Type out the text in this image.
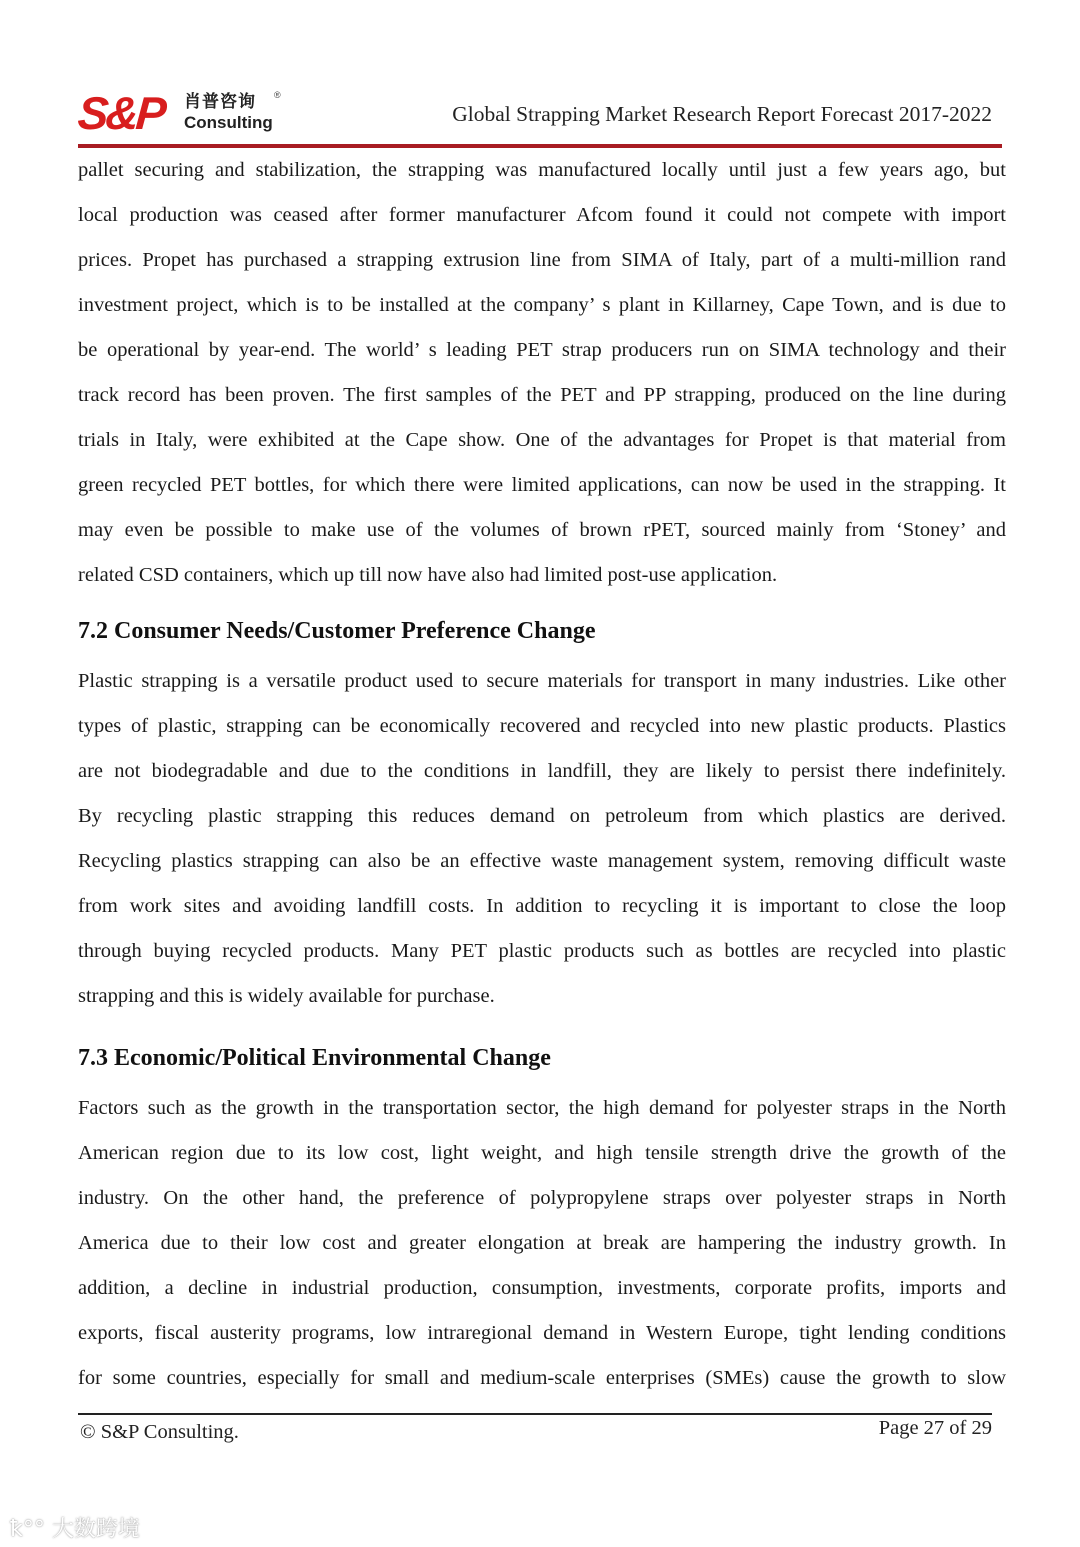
S&P 肖普咨询 ®
Consulting	Global Strapping Market Research Report Forecast 2017-2022
pallet securing and stabilization, the strapping was manufactured locally until just a few years ago, but
local production was ceased after former manufacturer Afcom found it could not compete with import
prices. Propet has purchased a strapping extrusion line from SIMA of Italy, part of a multi-million rand
investment project, which is to be installed at the company’ s plant in Killarney, Cape Town, and is due to
be operational by year-end. The world’ s leading PET strap producers run on SIMA technology and their
track record has been proven. The first samples of the PET and PP strapping, produced on the line during
trials in Italy, were exhibited at the Cape show. One of the advantages for Propet is that material from
green recycled PET bottles, for which there were limited applications, can now be used in the strapping. It
may even be possible to make use of the volumes of brown rPET, sourced mainly from ‘Stoney’ and
related CSD containers, which up till now have also had limited post-use application.
7.2 Consumer Needs/Customer Preference Change
Plastic strapping is a versatile product used to secure materials for transport in many industries. Like other
types of plastic, strapping can be economically recovered and recycled into new plastic products. Plastics
are not biodegradable and due to the conditions in landfill, they are likely to persist there indefinitely.
By recycling plastic strapping this reduces demand on petroleum from which plastics are derived.
Recycling plastics strapping can also be an effective waste management system, removing difficult waste
from work sites and avoiding landfill costs. In addition to recycling it is important to close the loop
through buying recycled products. Many PET plastic products such as bottles are recycled into plastic
strapping and this is widely available for purchase.
7.3 Economic/Political Environmental Change
Factors such as the growth in the transportation sector, the high demand for polyester straps in the North
American region due to its low cost, light weight, and high tensile strength drive the growth of the
industry. On the other hand, the preference of polypropylene straps over polyester straps in North
America due to their low cost and greater elongation at break are hampering the industry growth. In
addition, a decline in industrial production, consumption, investments, corporate profits, imports and
exports, fiscal austerity programs, low intraregional demand in Western Europe, tight lending conditions
for some countries, especially for small and medium-scale enterprises (SMEs) cause the growth to slow
© S&P Consulting.	Page 27 of 29
ꝁ°° 大数跨境
